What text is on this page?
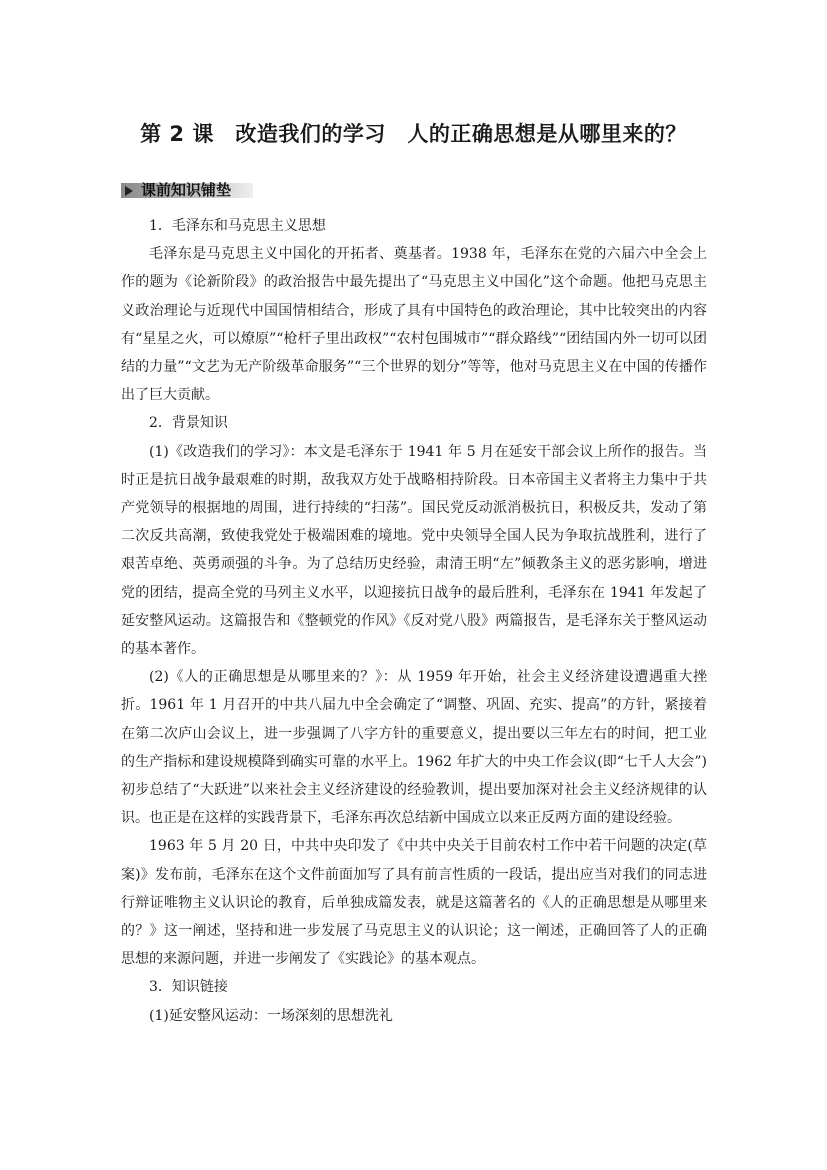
第 2 课　改造我们的学习　人的正确思想是从哪里来的？
课前知识铺垫

1．毛泽东和马克思主义思想

毛泽东是马克思主义中国化的开拓者、奠基者。1938 年，毛泽东在党的六届六中全会上作的题为《论新阶段》的政治报告中最先提出了“马克思主义中国化”这个命题。他把马克思主义政治理论与近现代中国国情相结合，形成了具有中国特色的政治理论，其中比较突出的内容有“星星之火，可以燎原”“枪杆子里出政权”“农村包围城市”“群众路线”“团结国内外一切可以团结的力量”“文艺为无产阶级革命服务”“三个世界的划分”等等，他对马克思主义在中国的传播作出了巨大贡献。

2．背景知识

(1)《改造我们的学习》：本文是毛泽东于 1941 年 5 月在延安干部会议上所作的报告。当时正是抗日战争最艰难的时期，敌我双方处于战略相持阶段。日本帝国主义者将主力集中于共产党领导的根据地的周围，进行持续的“扫荡”。国民党反动派消极抗日，积极反共，发动了第二次反共高潮，致使我党处于极端困难的境地。党中央领导全国人民为争取抗战胜利，进行了艰苦卓绝、英勇顽强的斗争。为了总结历史经验，肃清王明“左”倾教条主义的恶劣影响，增进党的团结，提高全党的马列主义水平，以迎接抗日战争的最后胜利，毛泽东在 1941 年发起了延安整风运动。这篇报告和《整顿党的作风》《反对党八股》两篇报告，是毛泽东关于整风运动的基本著作。

(2)《人的正确思想是从哪里来的？》：从 1959 年开始，社会主义经济建设遭遇重大挫折。1961 年 1 月召开的中共八届九中全会确定了“调整、巩固、充实、提高”的方针，紧接着在第二次庐山会议上，进一步强调了八字方针的重要意义，提出要以三年左右的时间，把工业的生产指标和建设规模降到确实可靠的水平上。1962 年扩大的中央工作会议(即“七千人大会”)初步总结了“大跃进”以来社会主义经济建设的经验教训，提出要加深对社会主义经济规律的认识。也正是在这样的实践背景下，毛泽东再次总结新中国成立以来正反两方面的建设经验。

1963 年 5 月 20 日，中共中央印发了《中共中央关于目前农村工作中若干问题的决定(草案)》发布前，毛泽东在这个文件前面加写了具有前言性质的一段话，提出应当对我们的同志进行辩证唯物主义认识论的教育，后单独成篇发表，就是这篇著名的《人的正确思想是从哪里来的？》这一阐述，坚持和进一步发展了马克思主义的认识论；这一阐述，正确回答了人的正确思想的来源问题，并进一步阐发了《实践论》的基本观点。

3．知识链接

(1)延安整风运动：一场深刻的思想洗礼
